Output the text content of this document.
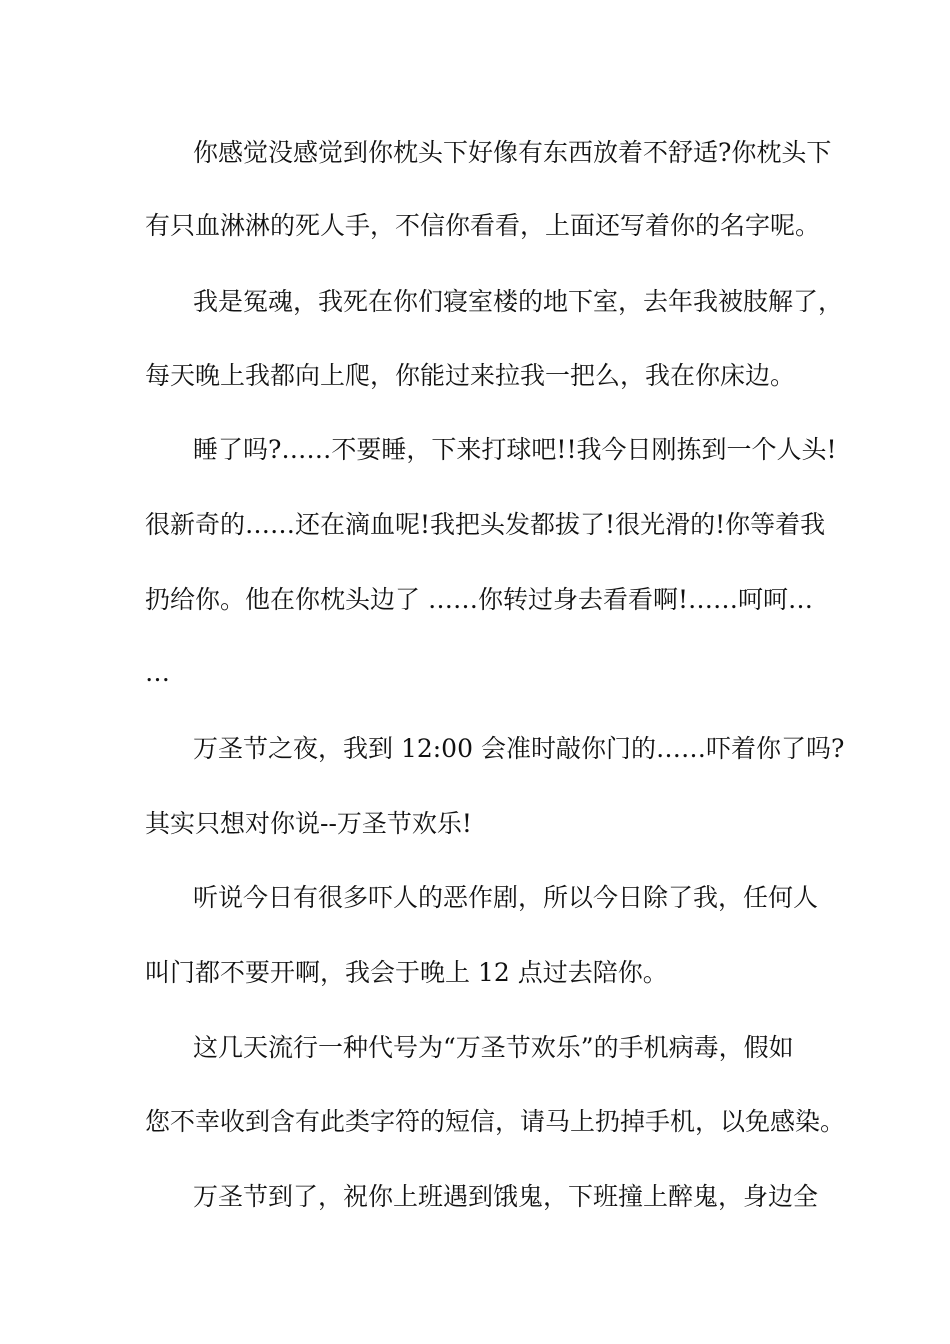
你感觉没感觉到你枕头下好像有东西放着不舒适?你枕头下
有只血淋淋的死人手，不信你看看，上面还写着你的名字呢。
我是冤魂，我死在你们寝室楼的地下室，去年我被肢解了，
每天晚上我都向上爬，你能过来拉我一把么，我在你床边。
睡了吗?……不要睡，下来打球吧!!我今日刚拣到一个人头!
很新奇的……还在滴血呢!我把头发都拔了!很光滑的!你等着我
扔给你。他在你枕头边了 ……你转过身去看看啊!……呵呵…
…
万圣节之夜，我到 12:00 会准时敲你门的……吓着你了吗?
其实只想对你说--万圣节欢乐!
听说今日有很多吓人的恶作剧，所以今日除了我，任何人
叫门都不要开啊，我会于晚上 12 点过去陪你。
这几天流行一种代号为“万圣节欢乐”的手机病毒，假如
您不幸收到含有此类字符的短信，请马上扔掉手机，以免感染。
万圣节到了，祝你上班遇到饿鬼，下班撞上醉鬼，身边全
